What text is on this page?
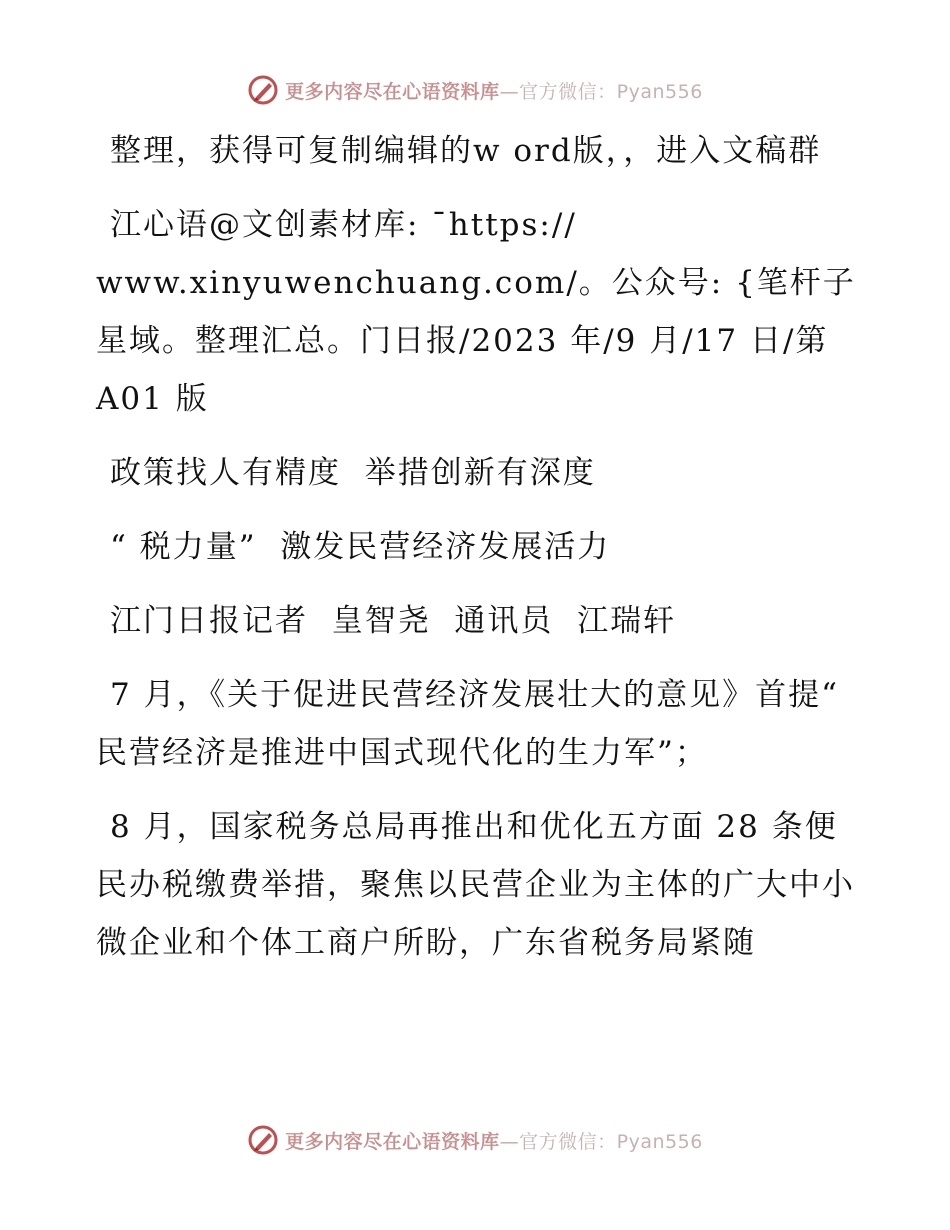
更多内容尽在心语资料库—官方微信：Pyan556

整理，获得可复制编辑的w ord版，，进入文稿群

江心语@文创素材库: ¯https://
www.xinyuwenchuang.com/。公众号: {笔杆子星域。整理汇总。门日报/2023 年/9 月/17 日/第 A01 版

政策找人有精度  举措创新有深度

“ 税力量”  激发民营经济发展活力

江门日报记者  皇智尧  通讯员  江瑞轩

7 月，《关于促进民营经济发展壮大的意见》首提“ 民营经济是推进中国式现代化的生力军”；

8 月，国家税务总局再推出和优化五方面 28 条便民办税缴费举措，聚焦以民营企业为主体的广大中小微企业和个体工商户所盼，广东省税务局紧随

更多内容尽在心语资料库—官方微信：Pyan556
